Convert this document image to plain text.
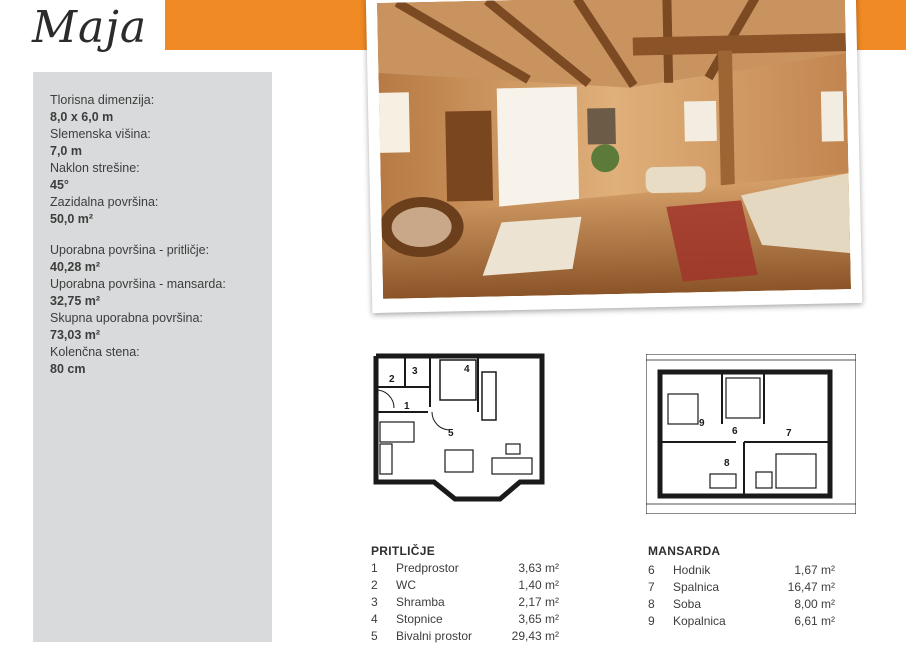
Maja
Tlorisna dimenzija:
8,0 x 6,0 m
Slemenska višina:
7,0 m
Naklon strešine:
45°
Zazidalna površina:
50,0 m²
Uporabna površina - pritličje:
40,28 m²
Uporabna površina - mansarda:
32,75 m²
Skupna uporabna površina:
73,03 m²
Kolenčna stena:
80 cm
1
2
3	4
5	6	7
8
9
PRITLIČJE
1 Predprostor	3,63 m²
2 WC	1,40 m²
3 Shramba	2,17 m²
4 Stopnice	3,65 m²
5 Bivalni prostor	29,43 m²
MANSARDA
6 Hodnik	1,67 m²
7 Spalnica	16,47 m²
8 Soba	8,00 m²
9 Kopalnica	6,61 m²
